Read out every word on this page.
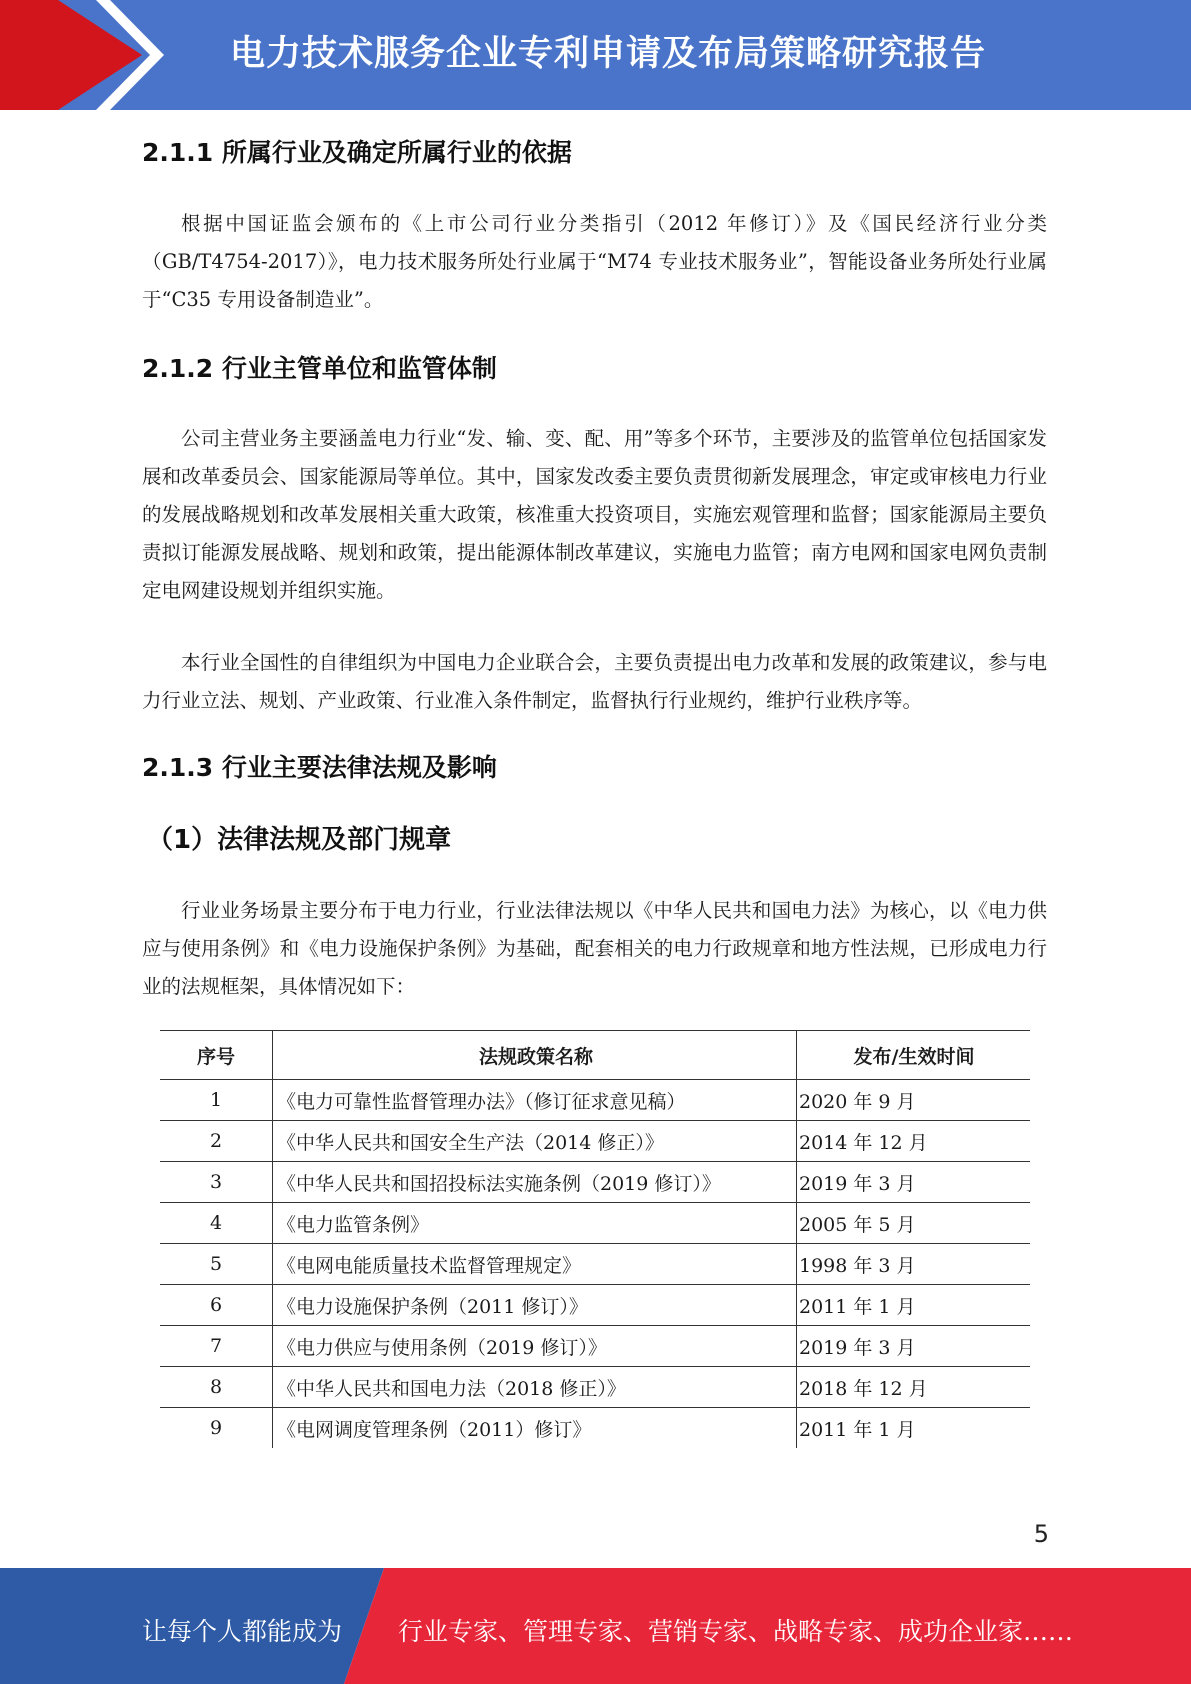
电力技术服务企业专利申请及布局策略研究报告
2.1.1 所属行业及确定所属行业的依据

根据中国证监会颁布的《上市公司行业分类指引（2012 年修订）》及《国民经济行业分类（GB/T4754-2017）》，电力技术服务所处行业属于“M74 专业技术服务业”，智能设备业务所处行业属于“C35 专用设备制造业”。

2.1.2 行业主管单位和监管体制

公司主营业务主要涵盖电力行业“发、输、变、配、用”等多个环节，主要涉及的监管单位包括国家发展和改革委员会、国家能源局等单位。其中，国家发改委主要负责贯彻新发展理念，审定或审核电力行业的发展战略规划和改革发展相关重大政策，核准重大投资项目，实施宏观管理和监督；国家能源局主要负责拟订能源发展战略、规划和政策，提出能源体制改革建议，实施电力监管；南方电网和国家电网负责制定电网建设规划并组织实施。

本行业全国性的自律组织为中国电力企业联合会，主要负责提出电力改革和发展的政策建议，参与电力行业立法、规划、产业政策、行业准入条件制定，监督执行行业规约，维护行业秩序等。

2.1.3 行业主要法律法规及影响
（1）法律法规及部门规章

行业业务场景主要分布于电力行业，行业法律法规以《中华人民共和国电力法》为核心，以《电力供应与使用条例》和《电力设施保护条例》为基础，配套相关的电力行政规章和地方性法规，已形成电力行业的法规框架，具体情况如下：

序号	法规政策名称	发布/生效时间
1	《电力可靠性监督管理办法》（修订征求意见稿）	2020 年 9 月
2	《中华人民共和国安全生产法（2014 修正）》	2014 年 12 月
3	《中华人民共和国招投标法实施条例（2019 修订）》	2019 年 3 月
4	《电力监管条例》	2005 年 5 月
5	《电网电能质量技术监督管理规定》	1998 年 3 月
6	《电力设施保护条例（2011 修订）》	2011 年 1 月
7	《电力供应与使用条例（2019 修订）》	2019 年 3 月
8	《中华人民共和国电力法（2018 修正）》	2018 年 12 月
9	《电网调度管理条例（2011）修订》	2011 年 1 月
5
让每个人都能成为 行业专家、管理专家、营销专家、战略专家、成功企业家……
